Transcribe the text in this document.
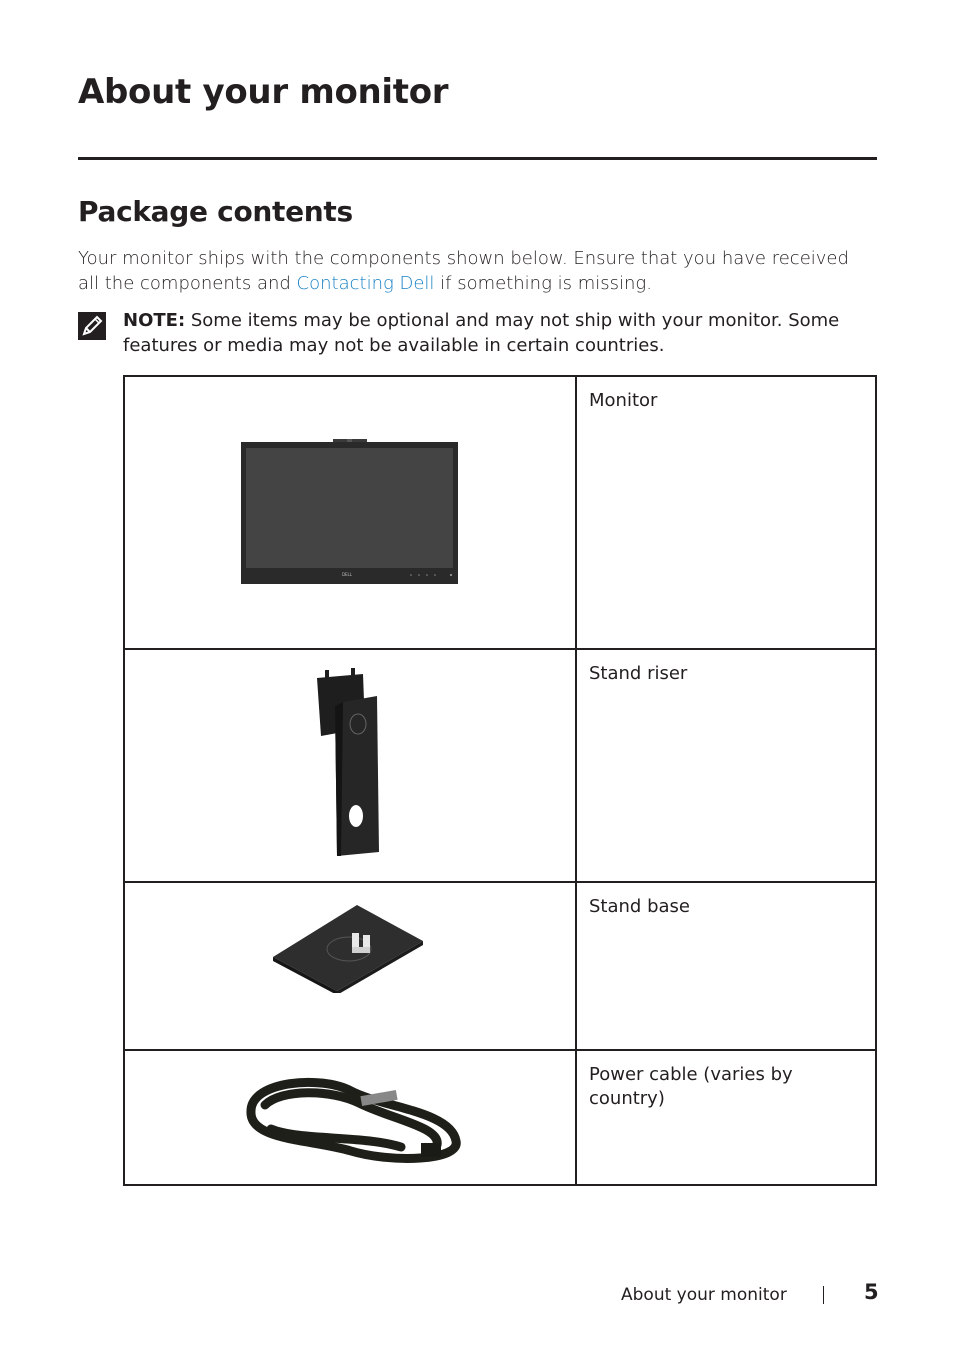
About your monitor
Package contents

Your monitor ships with the components shown below. Ensure that you have received all the components and Contacting Dell if something is missing.

NOTE: Some items may be optional and may not ship with your monitor. Some features or media may not be available in certain countries.

DELL	Monitor

	Stand riser

	Stand base

	Power cable (varies by country)
About your monitor	5
